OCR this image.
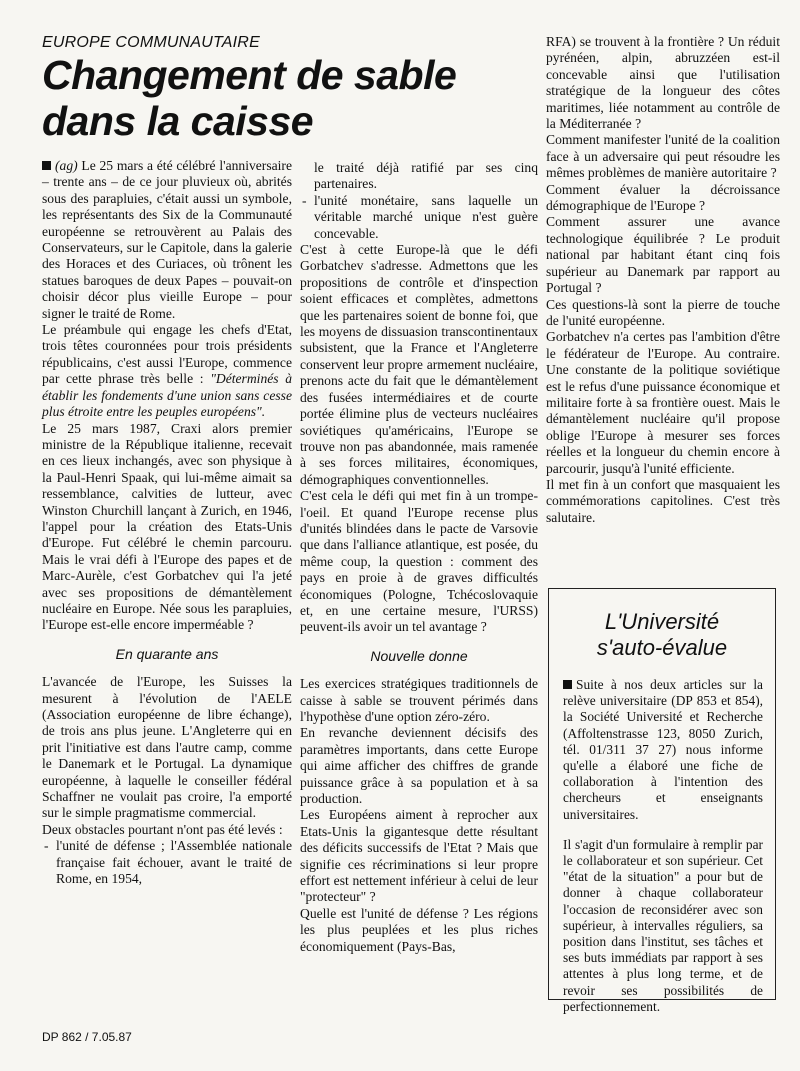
EUROPE COMMUNAUTAIRE
Changement de sable
dans la caisse

(ag) Le 25 mars a été célébré l'anniversaire – trente ans – de ce jour pluvieux où, abrités sous des parapluies, c'était aussi un symbole, les représentants des Six de la Communauté européenne se retrouvèrent au Palais des Conservateurs, sur le Capitole, dans la galerie des Horaces et des Curiaces, où trônent les statues baroques de deux Papes – pouvait-on choisir décor plus vieille Europe – pour signer le traité de Rome.

Le préambule qui engage les chefs d'Etat, trois têtes couronnées pour trois présidents républicains, c'est aussi l'Europe, commence par cette phrase très belle : "Déterminés à établir les fondements d'une union sans cesse plus étroite entre les peuples européens".

Le 25 mars 1987, Craxi alors premier ministre de la République italienne, recevait en ces lieux inchangés, avec son physique à la Paul-Henri Spaak, qui lui-même aimait sa ressemblance, calvities de lutteur, avec Winston Churchill lançant à Zurich, en 1946, l'appel pour la création des Etats-Unis d'Europe. Fut célébré le chemin parcouru. Mais le vrai défi à l'Europe des papes et de Marc-Aurèle, c'est Gorbatchev qui l'a jeté avec ses propositions de démantèlement nucléaire en Europe. Née sous les parapluies, l'Europe est-elle encore imperméable ?

En quarante ans

L'avancée de l'Europe, les Suisses la mesurent à l'évolution de l'AELE (Association européenne de libre échange), de trois ans plus jeune. L'Angleterre qui en prit l'initiative est dans l'autre camp, comme le Danemark et le Portugal. La dynamique européenne, à laquelle le conseiller fédéral Schaffner ne voulait pas croire, l'a emporté sur le simple pragmatisme commercial.

Deux obstacles pourtant n'ont pas été levés :

- l'unité de défense ; l'Assemblée nationale française fait échouer, avant le traité de Rome, en 1954,

le traité déjà ratifié par ses cinq partenaires.

- l'unité monétaire, sans laquelle un véritable marché unique n'est guère concevable.

C'est à cette Europe-là que le défi Gorbatchev s'adresse. Admettons que les propositions de contrôle et d'inspection soient efficaces et complètes, admettons que les partenaires soient de bonne foi, que les moyens de dissuasion transcontinentaux subsistent, que la France et l'Angleterre conservent leur propre armement nucléaire, prenons acte du fait que le démantèlement des fusées intermédiaires et de courte portée élimine plus de vecteurs nucléaires soviétiques qu'américains, l'Europe se trouve non pas abandonnée, mais ramenée à ses forces militaires, économiques, démographiques conventionnelles.

C'est cela le défi qui met fin à un trompe-l'oeil. Et quand l'Europe recense plus d'unités blindées dans le pacte de Varsovie que dans l'alliance atlantique, est posée, du même coup, la question : comment des pays en proie à de graves difficultés économiques (Pologne, Tchécoslovaquie et, en une certaine mesure, l'URSS) peuvent-ils avoir un tel avantage ?

Nouvelle donne

Les exercices stratégiques traditionnels de caisse à sable se trouvent périmés dans l'hypothèse d'une option zéro-zéro.

En revanche deviennent décisifs des paramètres importants, dans cette Europe qui aime afficher des chiffres de grande puissance grâce à sa population et à sa production.

Les Européens aiment à reprocher aux Etats-Unis la gigantesque dette résultant des déficits successifs de l'Etat ? Mais que signifie ces récriminations si leur propre effort est nettement inférieur à celui de leur "protecteur" ?

Quelle est l'unité de défense ? Les régions les plus peuplées et les plus riches économiquement (Pays-Bas,

RFA) se trouvent à la frontière ? Un réduit pyrénéen, alpin, abruzzéen est-il concevable ainsi que l'utilisation stratégique de la longueur des côtes maritimes, liée notamment au contrôle de la Méditerranée ?

Comment manifester l'unité de la coalition face à un adversaire qui peut résoudre les mêmes problèmes de manière autoritaire ?

Comment évaluer la décroissance démographique de l'Europe ?

Comment assurer une avance technologique équilibrée ? Le produit national par habitant étant cinq fois supérieur au Danemark par rapport au Portugal ?

Ces questions-là sont la pierre de touche de l'unité européenne.

Gorbatchev n'a certes pas l'ambition d'être le fédérateur de l'Europe. Au contraire. Une constante de la politique soviétique est le refus d'une puissance économique et militaire forte à sa frontière ouest. Mais le démantèlement nucléaire qu'il propose oblige l'Europe à mesurer ses forces réelles et la longueur du chemin encore à parcourir, jusqu'à l'unité efficiente.

Il met fin à un confort que masquaient les commémorations capitolines. C'est très salutaire.

L'Université
s'auto-évalue

Suite à nos deux articles sur la relève universitaire (DP 853 et 854), la Société Université et Recherche (Affoltenstrasse 123, 8050 Zurich, tél. 01/311 37 27) nous informe qu'elle a élaboré une fiche de collaboration à l'intention des chercheurs et enseignants universitaires.

Il s'agit d'un formulaire à remplir par le collaborateur et son supérieur. Cet "état de la situation" a pour but de donner à chaque collaborateur l'occasion de reconsidérer avec son supérieur, à intervalles réguliers, sa position dans l'institut, ses tâches et ses buts immédiats par rapport à ses attentes à plus long terme, et de revoir ses possibilités de perfectionnement.

DP 862 / 7.05.87
